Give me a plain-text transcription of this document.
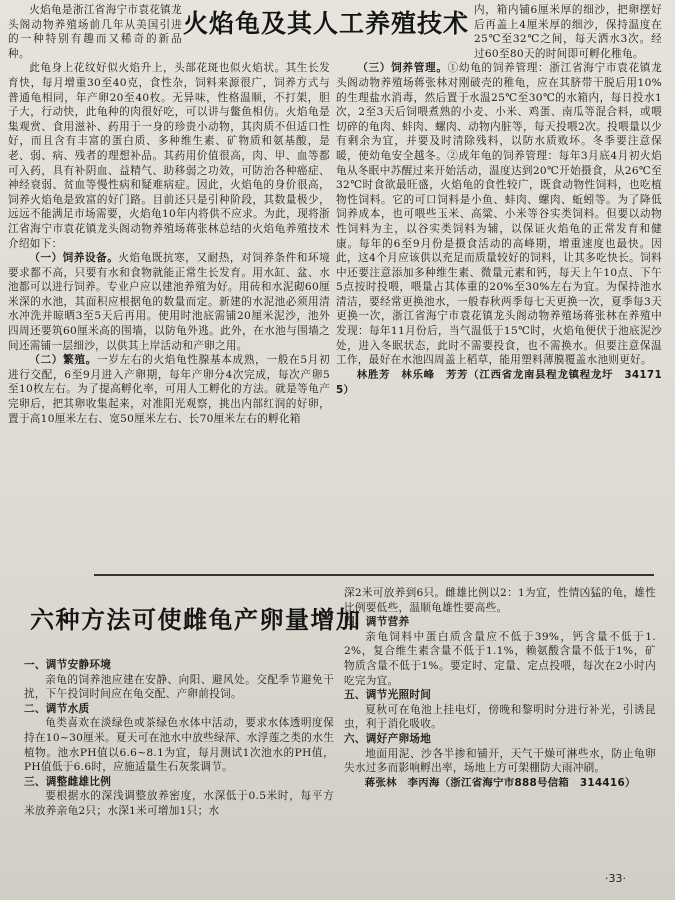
火焰龟及其人工养殖技术

火焰龟是浙江省海宁市袁花镇龙头阁动物养殖场前几年从美国引进的一种特别有趣而又稀奇的新品种。

此龟身上花纹好似火焰升上，头部花斑也似火焰状。其生长发育快，每月增重30至40克，食性杂，饲料来源很广，饲养方式与普通龟相同，年产卵20至40枚。无异味，性格温顺，不打架，胆子大，行动快，此龟种的肉很好吃，可以讲与鳖鱼相仿。火焰龟是集观赏、食用滋补、药用于一身的珍贵小动物，其肉质不但适口性好，而且含有丰富的蛋白质、多种维生素、矿物质和氨基酸，是老、弱、病、残者的理想补品。其药用价值很高，肉、甲、血等都可入药，具有补阴血、益精气、助移弱之功效，可防治各种癌症、神经衰弱、贫血等慢性病和疑难病症。因此，火焰龟的身价很高，饲养火焰龟是致富的好门路。目前还只是引种阶段，其数量极少，远远不能满足市场需要，火焰龟10年内将供不应求。为此，现将浙江省海宁市袁花镇龙头阁动物养殖场蒋张林总结的火焰龟养殖技术介绍如下：

（一）饲养设备。火焰龟既抗寒，又耐热，对饲养条件和环境要求都不高，只要有水和食物就能正常生长发育。用水缸、盆、水池都可以进行饲养。专业户应以建池养殖为好。用砖和水泥砌60厘米深的水池，其面积应根据龟的数量而定。新建的水泥池必须用清水冲洗并晾晒3至5天后再用。使用时池底需铺20厘米泥沙，池外四周还要筑60厘米高的围墙，以防龟外逃。此外，在水池与围墙之间还需铺一层细沙，以供其上岸活动和产卵之用。

（二）繁殖。一岁左右的火焰龟性腺基本成熟，一般在5月初进行交配，6至9月进入产卵期，每年产卵分4次完成，每次产卵5至10枚左右。为了提高孵化率，可用人工孵化的方法。就是等龟产完卵后，把其卵收集起来，对准阳光观察，挑出内部红润的好卵，置于高10厘米左右、宽50厘米左右、长70厘米左右的孵化箱

内，箱内铺6厘米厚的细沙，把卵摆好后再盖上4厘米厚的细沙，保持温度在25℃至32℃之间，每天洒水3次。经过60至80天的时间即可孵化稚龟。

（三）饲养管理。①幼龟的饲养管理：浙江省海宁市袁花镇龙头阁动物养殖场蒋张林对刚破壳的稚龟，应在其脐带干脱后用10%的生理盐水消毒，然后置于水温25℃至30℃的水箱内，每日投水1次，2至3天后饲喂煮熟的小麦、小米、鸡蛋、南瓜等混合料，或喂切碎的龟肉、蚌肉、螺肉、动物内脏等，每天投喂2次。投喂量以少有剩余为宜，并要及时清除残料，以防水质败坏。冬季要注意保暖，使幼龟安全越冬。②成年龟的饲养管理：每年3月底4月初火焰龟从冬眠中苏醒过来开始活动，温度达到20℃开始摄食，从26℃至32℃时食欲最旺盛，火焰龟的食性较广，既食动物性饲料，也吃植物性饲料。它的可口饲料是小鱼、蚌肉、螺肉、蚯蚓等。为了降低饲养成本，也可喂些玉米、高粱、小米等谷实类饲料。但要以动物性饲料为主，以谷实类饲料为辅，以保证火焰龟的正常发育和健康。每年的6至9月份是摄食活动的高峰期，增重速度也最快。因此，这4个月应该供以充足而质量较好的饲料，让其多吃快长。饲料中还要注意添加多种维生素、微量元素和钙，每天上午10点、下午5点按时投喂，喂量占其体重的20%至30%左右为宜。为保持池水清洁，要经常更换池水，一般春秋两季每七天更换一次，夏季每3天更换一次，浙江省海宁市袁花镇龙头阁动物养殖场蒋张林在养殖中发现：每年11月份后，当气温低于15℃时，火焰龟便伏于池底泥沙处，进入冬眠状态，此时不需要投食，也不需换水。但要注意保温工作，最好在水池四周盖上稻草，能用塑料薄膜覆盖水池则更好。

林胜芳　林乐峰　芳芳（江西省龙南县程龙镇程龙圩　341715）

六种方法可使雌龟产卵量增加

一、调节安静环境

亲龟的饲养池应建在安静、向阳、避风处。交配季节避免干扰，下午投饲时间应在龟交配、产卵前投饲。

二、调节水质

龟类喜欢在淡绿色或茶绿色水体中活动，要求水体透明度保持在10~30厘米。夏天可在池水中放些绿萍、水浮莲之类的水生植物。池水PH值以6.6~8.1为宜，每月测试1次池水的PH值，PH值低于6.6时，应施适量生石灰浆调节。

三、调整雌雄比例

要根据水的深浅调整放养密度，水深低于0.5米时，每平方米放养亲龟2只；水深1米可增加1只；水

深2米可放养到6只。雌雄比例以2：1为宜，性情凶猛的龟，雄性比例要低些，温顺龟雄性要高些。

四、调节营养

亲龟饲料中蛋白质含量应不低于39%，钙含量不低于1.2%，复合维生素含量不低于1.1%，赖氨酸含量不低于1%，矿物质含量不低于1%。要定时、定量、定点投喂，每次在2小时内吃完为宜。

五、调节光照时间

夏秋可在龟池上挂电灯，傍晚和黎明时分进行补光，引诱昆虫，利于消化吸收。

六、调好产卵场地

地面用泥、沙各半掺和铺开，天气干燥可淋些水，防止龟卵失水过多而影响孵出率，场地上方可架棚防大雨冲刷。

蒋张林　李丙海（浙江省海宁市888号信箱　314416）

·33·
